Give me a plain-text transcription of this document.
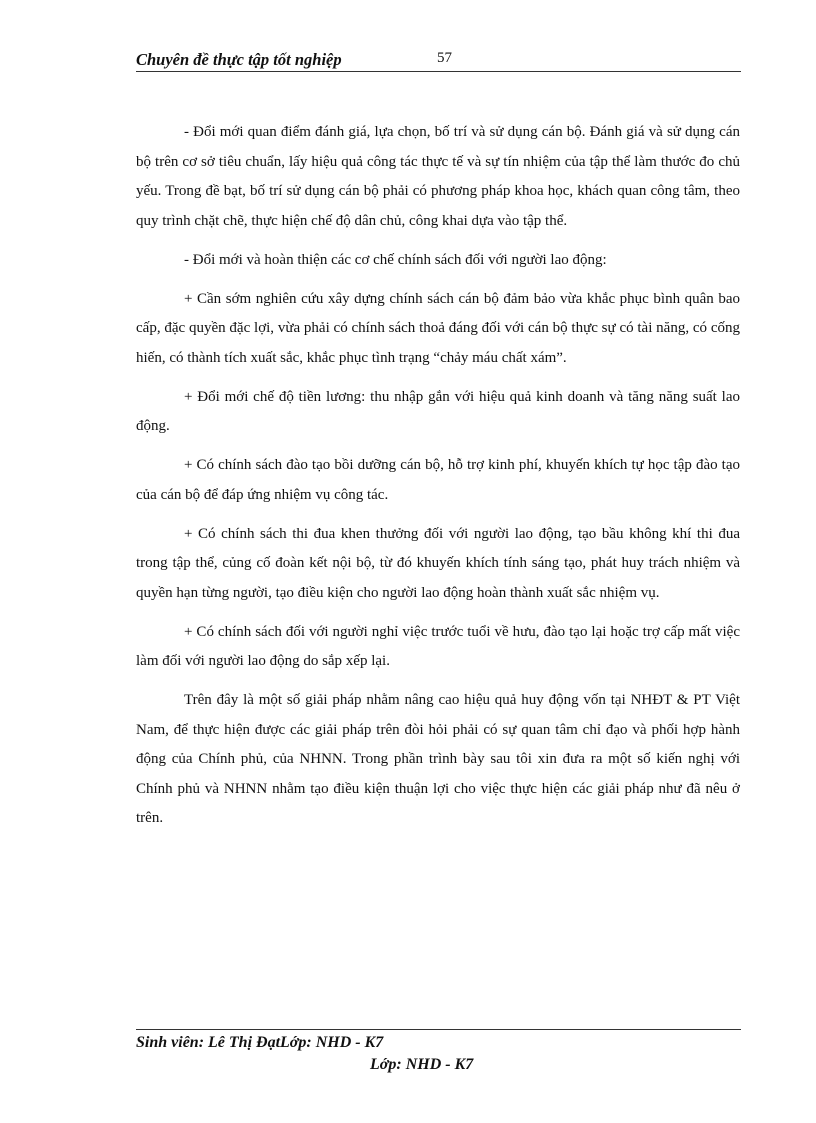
Chuyên đề thực tập tốt nghiệp	57

- Đổi mới quan điểm đánh giá, lựa chọn, bố trí và sử dụng cán bộ. Đánh giá và sử dụng cán bộ trên cơ sở tiêu chuẩn, lấy hiệu quả công tác thực tế và sự tín nhiệm của tập thể làm thước đo chủ yếu. Trong đề bạt, bố trí sử dụng cán bộ phải có phương pháp khoa học, khách quan công tâm, theo quy trình chặt chẽ, thực hiện chế độ dân chủ, công khai dựa vào tập thể.

- Đổi mới và hoàn thiện các cơ chế chính sách đối với người lao động:

+ Cần sớm nghiên cứu xây dựng chính sách cán bộ đảm bảo vừa khắc phục bình quân bao cấp, đặc quyền đặc lợi, vừa phải có chính sách thoả đáng đối với cán bộ thực sự có tài năng, có cống hiến, có thành tích xuất sắc, khắc phục tình trạng “chảy máu chất xám”.

+ Đổi mới chế độ tiền lương: thu nhập gắn với hiệu quả kinh doanh và tăng năng suất lao động.

+ Có chính sách đào tạo bồi dưỡng cán bộ, hỗ trợ kinh phí, khuyến khích tự học tập đào tạo của cán bộ để đáp ứng nhiệm vụ công tác.

+ Có chính sách thi đua khen thưởng đối với người lao động, tạo bầu không khí thi đua trong tập thể, củng cố đoàn kết nội bộ, từ đó khuyến khích tính sáng tạo, phát huy trách nhiệm và quyền hạn từng người, tạo điều kiện cho người lao động hoàn thành xuất sắc nhiệm vụ.

+ Có chính sách đối với người nghỉ việc trước tuổi về hưu, đào tạo lại hoặc trợ cấp mất việc làm đối với người lao động do sắp xếp lại.

Trên đây là một số giải pháp nhằm nâng cao hiệu quả huy động vốn tại NHĐT & PT Việt Nam, để thực hiện được các giải pháp trên đòi hỏi phải có sự quan tâm chỉ đạo và phối hợp hành động của Chính phủ, của NHNN. Trong phần trình bày sau tôi xin đưa ra một số kiến nghị với Chính phủ và NHNN nhằm tạo điều kiện thuận lợi cho việc thực hiện các giải pháp như đã nêu ở trên.

Sinh viên: Lê Thị ĐạtLớp: NHD - K7
Lớp: NHD - K7
